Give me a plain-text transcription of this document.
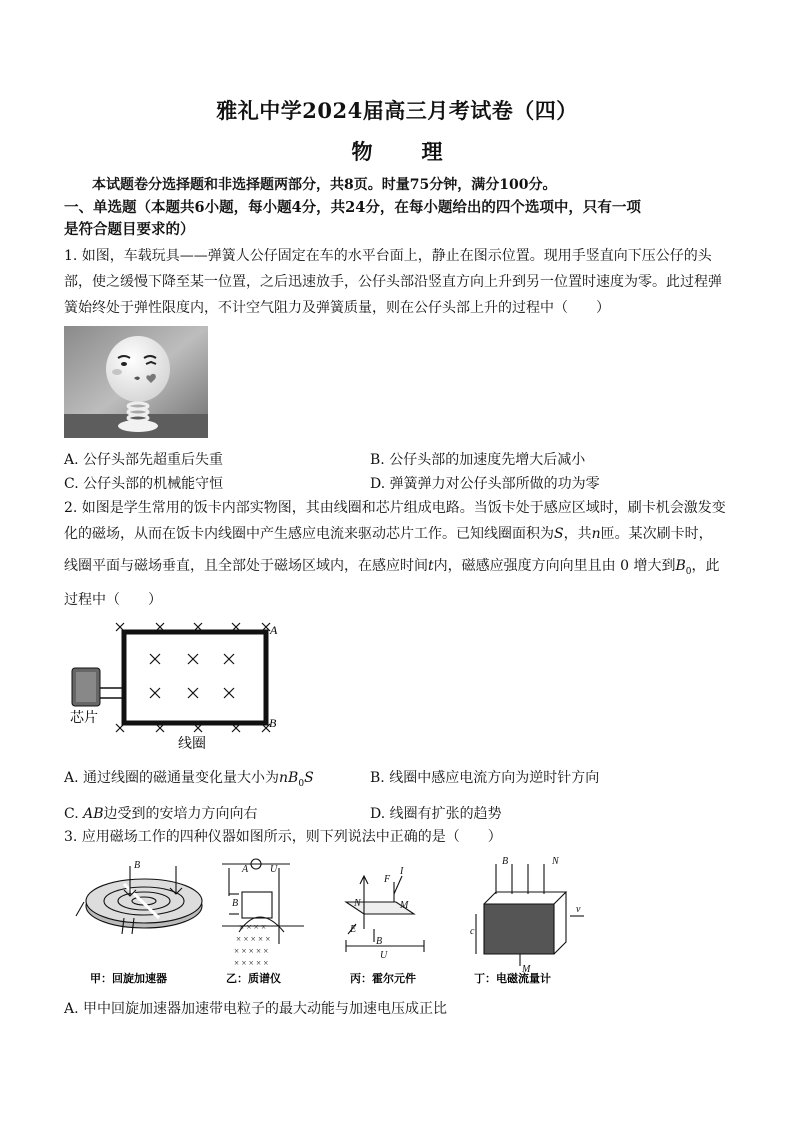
雅礼中学2024届高三月考试卷（四）
物　理
本试题卷分选择题和非选择题两部分，共8页。时量75分钟，满分100分。
一、单选题（本题共6小题，每小题4分，共24分，在每小题给出的四个选项中，只有一项
是符合题目要求的）
1. 如图，车载玩具——弹簧人公仔固定在车的水平台面上，静止在图示位置。现用手竖直向下压公仔的头
部，使之缓慢下降至某一位置，之后迅速放手，公仔头部沿竖直方向上升到另一位置时速度为零。此过程弹
簧始终处于弹性限度内，不计空气阻力及弹簧质量，则在公仔头部上升的过程中（　　）
A. 公仔头部先超重后失重	B. 公仔头部的加速度先增大后减小
C. 公仔头部的机械能守恒	D. 弹簧弹力对公仔头部所做的功为零
2. 如图是学生常用的饭卡内部实物图，其由线圈和芯片组成电路。当饭卡处于感应区域时，刷卡机会激发变
化的磁场，从而在饭卡内线圈中产生感应电流来驱动芯片工作。已知线圈面积为S，共n匝。某次刷卡时，
线圈平面与磁场垂直，且全部处于磁场区域内，在感应时间t内，磁感应强度方向向里且由 0 增大到$B_0$，此
过程中（　　）
A
B
芯片
线圈
A. 通过线圈的磁通量变化量大小为$nB_0S$	B. 线圈中感应电流方向为逆时针方向
C. AB边受到的安培力方向向右	D. 线圈有扩张的趋势
3. 应用磁场工作的四种仪器如图所示，则下列说法中正确的是（　　）
B	A U
B
F
I
N	M
E
B
U
B	N
c
v
M
× × × ×
× × × × ×
× × × × ×
× × × × ×
甲：回旋加速器	乙：质谱仪	丙：霍尔元件	丁：电磁流量计
A. 甲中回旋加速器加速带电粒子的最大动能与加速电压成正比
